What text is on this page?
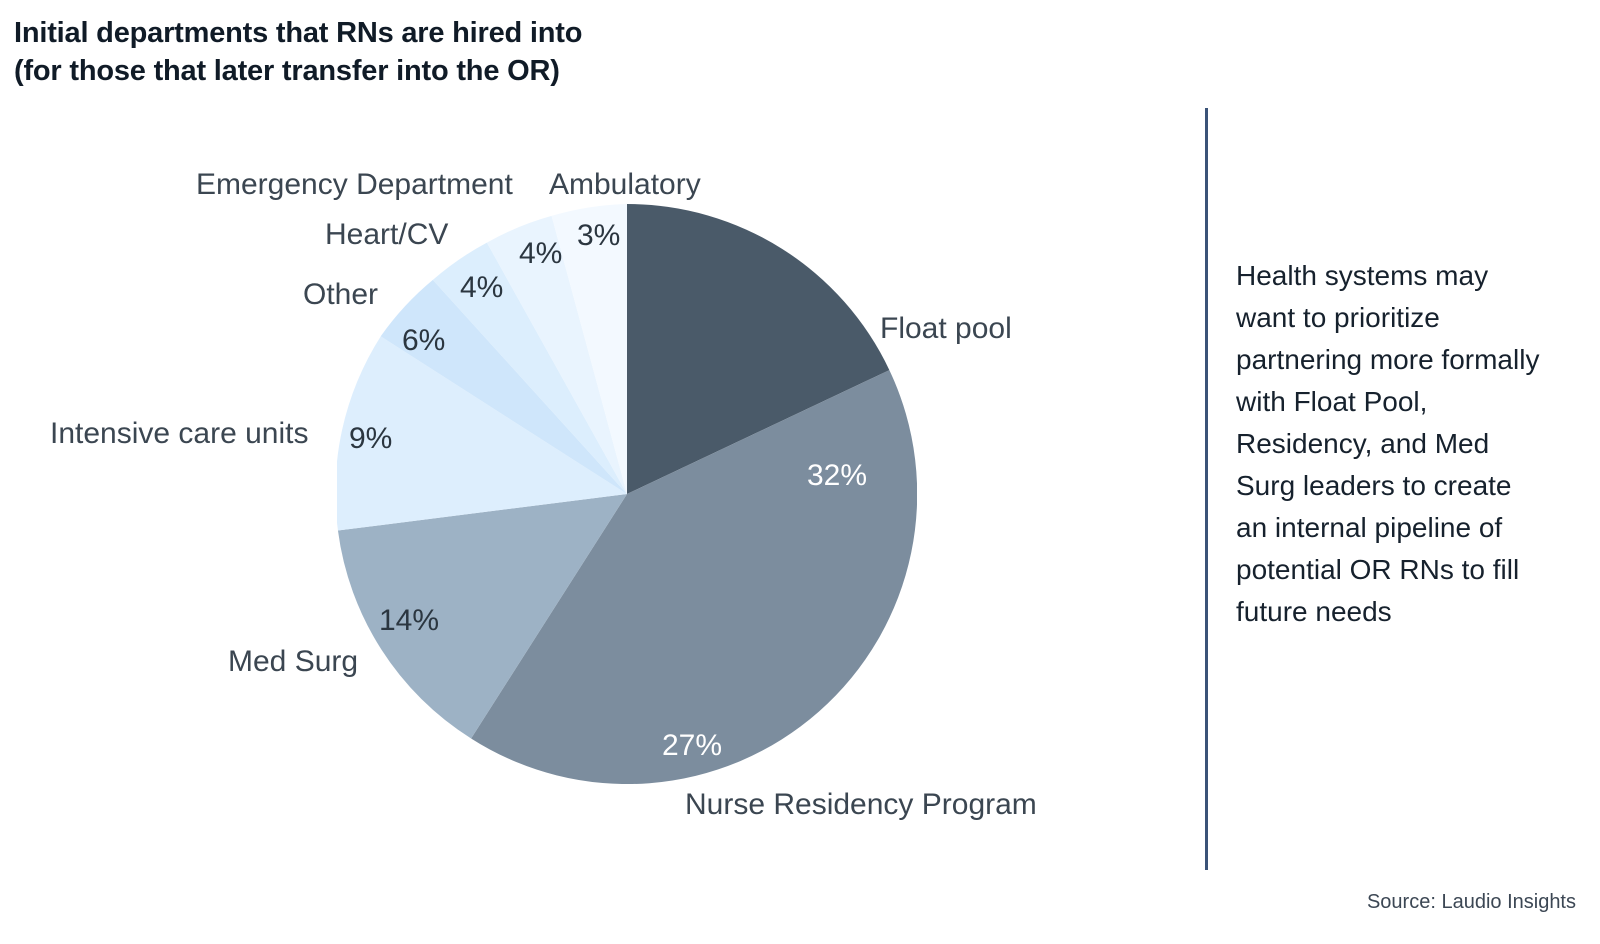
Initial departments that RNs are hired into
(for those that later transfer into the OR)
32%
27%
14%
9%
6%
4%
4%
3%
Float pool
Nurse Residency Program
Med Surg
Intensive care units
Other
Heart/CV
Emergency Department Ambulatory
Health systems may want to prioritize partnering more formally with Float Pool, Residency, and Med Surg leaders to create an internal pipeline of potential OR RNs to fill future needs
Source: Laudio Insights
